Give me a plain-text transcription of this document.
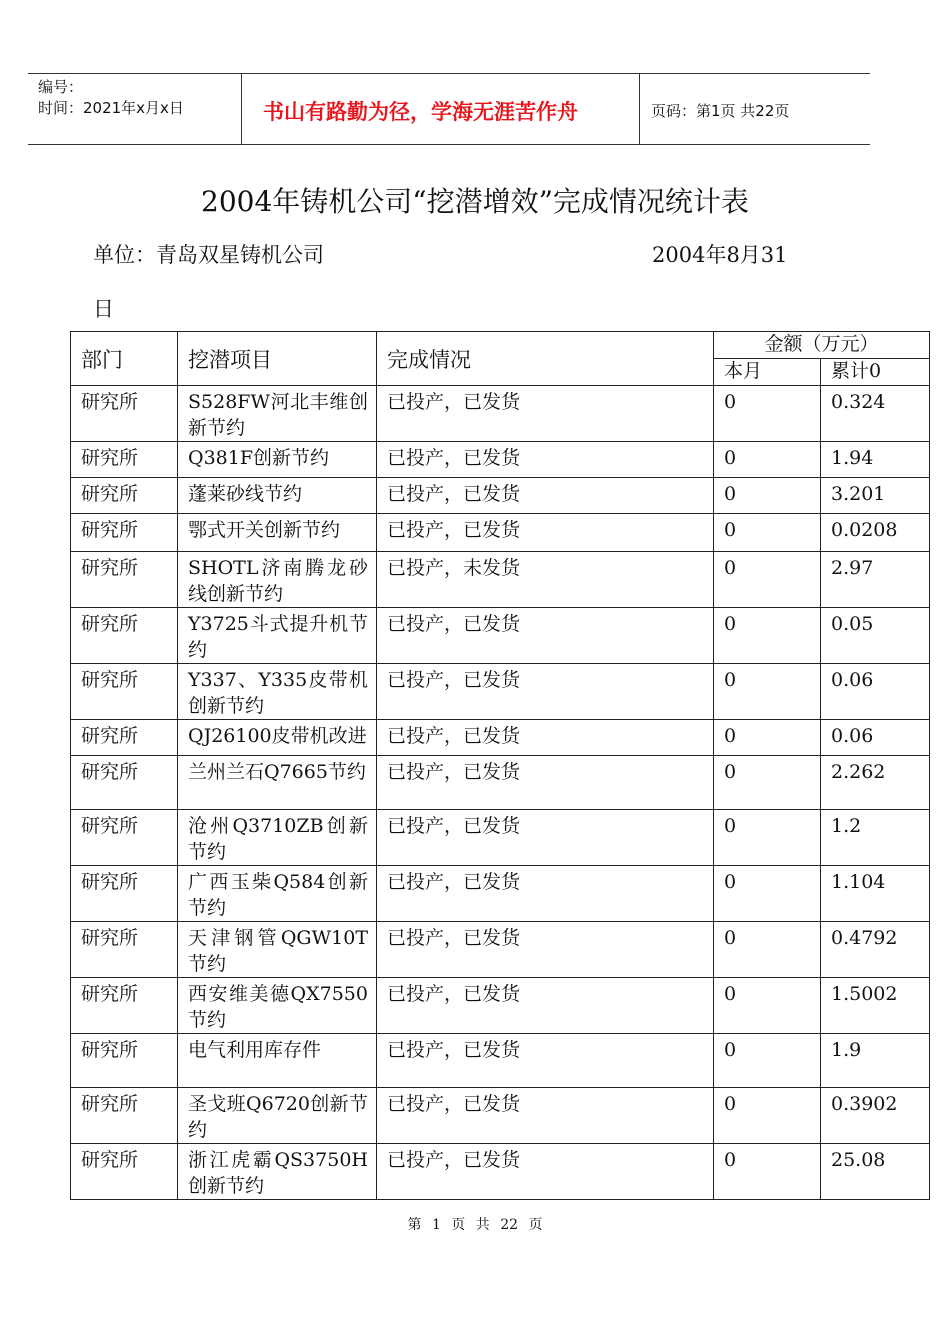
编号：
时间：2021年x月x日	书山有路勤为径，学海无涯苦作舟	页码：第1页 共22页
2004年铸机公司“挖潜增效”完成情况统计表
单位：青岛双星铸机公司	2004年8月31
日
部门	挖潜项目	完成情况	金额（万元）	
			本月	累计0
研究所	S528FW河北丰维创新节约	已投产，已发货	0	0.324
研究所	Q381F创新节约	已投产，已发货	0	1.94
研究所	蓬莱砂线节约	已投产，已发货	0	3.201
研究所	鄂式开关创新节约	已投产，已发货	0	0.0208
研究所	SHOTL济南腾龙砂线创新节约	已投产，未发货	0	2.97
研究所	Y3725斗式提升机节约	已投产，已发货	0	0.05
研究所	Y337、Y335皮带机创新节约	已投产，已发货	0	0.06
研究所	QJ26100皮带机改进	已投产，已发货	0	0.06
研究所	兰州兰石Q7665节约	已投产，已发货	0	2.262
研究所	沧州Q3710ZB创新节约	已投产，已发货	0	1.2
研究所	广西玉柴Q584创新节约	已投产，已发货	0	1.104
研究所	天津钢管QGW10T节约	已投产，已发货	0	0.4792
研究所	西安维美德QX7550节约	已投产，已发货	0	1.5002
研究所	电气利用库存件	已投产，已发货	0	1.9
研究所	圣戈班Q6720创新节约	已投产，已发货	0	0.3902
研究所	浙江虎霸QS3750H创新节约	已投产，已发货	0	25.08
第 1 页 共 22 页
